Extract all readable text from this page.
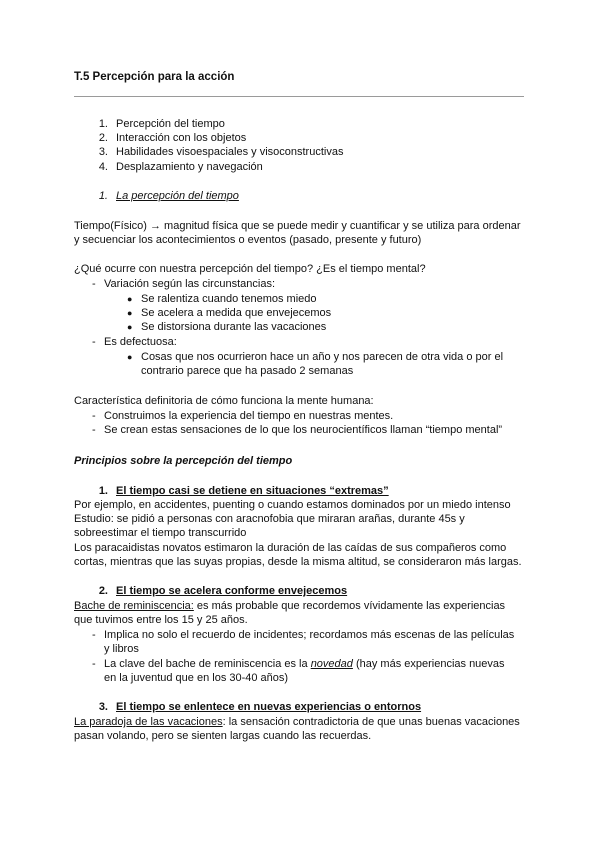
T.5 Percepción para la acción
1. Percepción del tiempo
2. Interacción con los objetos
3. Habilidades visoespaciales y visoconstructivas
4. Desplazamiento y navegación
1. La percepción del tiempo
Tiempo(Físico) → magnitud física que se puede medir y cuantificar y se utiliza para ordenar
y secuenciar los acontecimientos o eventos (pasado, presente y futuro)
¿Qué ocurre con nuestra percepción del tiempo? ¿Es el tiempo mental?
- Variación según las circunstancias:
● Se ralentiza cuando tenemos miedo
● Se acelera a medida que envejecemos
● Se distorsiona durante las vacaciones
- Es defectuosa:
● Cosas que nos ocurrieron hace un año y nos parecen de otra vida o por el
contrario parece que ha pasado 2 semanas
Característica definitoria de cómo funciona la mente humana:
- Construimos la experiencia del tiempo en nuestras mentes.
- Se crean estas sensaciones de lo que los neurocientíficos llaman “tiempo mental”
Principios sobre la percepción del tiempo
1. El tiempo casi se detiene en situaciones “extremas”
Por ejemplo, en accidentes, puenting o cuando estamos dominados por un miedo intenso
Estudio: se pidió a personas con aracnofobia que miraran arañas, durante 45s y
sobreestimar el tiempo transcurrido
Los paracaidistas novatos estimaron la duración de las caídas de sus compañeros como
cortas, mientras que las suyas propias, desde la misma altitud, se consideraron más largas.
2. El tiempo se acelera conforme envejecemos
Bache de reminiscencia: es más probable que recordemos vívidamente las experiencias
que tuvimos entre los 15 y 25 años.
- Implica no solo el recuerdo de incidentes; recordamos más escenas de las películas
y libros
- La clave del bache de reminiscencia es la novedad (hay más experiencias nuevas
en la juventud que en los 30-40 años)
3. El tiempo se enlentece en nuevas experiencias o entornos
La paradoja de las vacaciones: la sensación contradictoria de que unas buenas vacaciones
pasan volando, pero se sienten largas cuando las recuerdas.
